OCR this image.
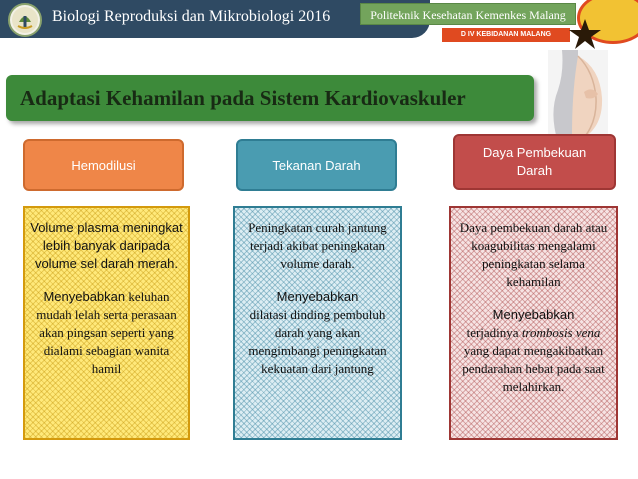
Biologi Reproduksi dan Mikrobiologi 2016	Politeknik Kesehatan Kemenkes Malang
D IV KEBIDANAN MALANG
Adaptasi Kehamilan pada Sistem Kardiovaskuler
Hemodilusi	Tekanan Darah
Daya Pembekuan Darah

Volume plasma meningkat lebih banyak daripada volume sel darah merah.

Menyebabkan keluhan mudah lelah serta perasaan akan pingsan seperti yang dialami sebagian wanita hamil

Peningkatan curah jantung terjadi akibat peningkatan volume darah.

Menyebabkan

dilatasi dinding pembuluh darah yang akan mengimbangi peningkatan kekuatan dari jantung

Daya pembekuan darah atau koagubilitas mengalami peningkatan selama kehamilan

Menyebabkan

terjadinya trombosis vena yang dapat mengakibatkan pendarahan hebat pada saat melahirkan.
